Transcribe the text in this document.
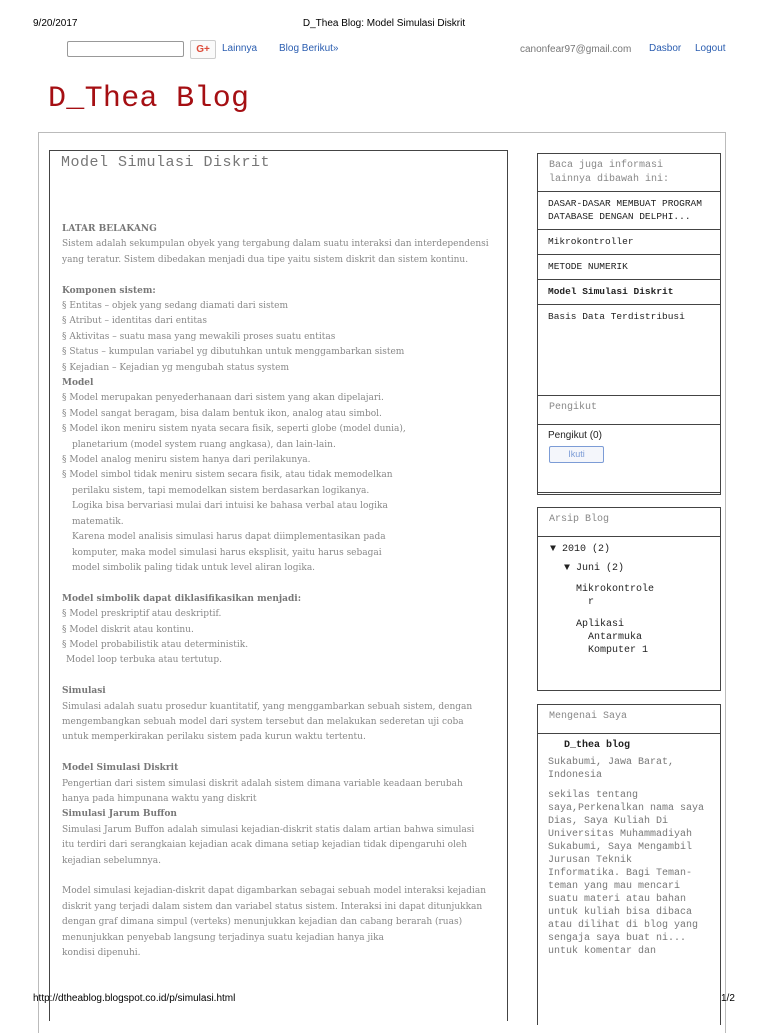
9/20/2017	D_Thea Blog: Model Simulasi Diskrit
G+	Lainnya Blog Berikut»	canonfear97@gmail.com Dasbor Logout
D_Thea Blog
Model Simulasi Diskrit

LATAR BELAKANG

Sistem adalah sekumpulan obyek yang tergabung dalam suatu interaksi dan interdependensi

yang teratur. Sistem dibedakan menjadi dua tipe yaitu sistem diskrit dan sistem kontinu.

Komponen sistem:

§ Entitas – objek yang sedang diamati dari sistem

§ Atribut – identitas dari entitas

§ Aktivitas – suatu masa yang mewakili proses suatu entitas

§ Status – kumpulan variabel yg dibutuhkan untuk menggambarkan sistem

§ Kejadian – Kejadian yg mengubah status system

Model

§ Model merupakan penyederhanaan dari sistem yang akan dipelajari.

§ Model sangat beragam, bisa dalam bentuk ikon, analog atau simbol.

§ Model ikon meniru sistem nyata secara fisik, seperti globe (model dunia),

planetarium (model system ruang angkasa), dan lain-lain.

§ Model analog meniru sistem hanya dari perilakunya.

§ Model simbol tidak meniru sistem secara fisik, atau tidak memodelkan

perilaku sistem, tapi memodelkan sistem berdasarkan logikanya.

Logika bisa bervariasi mulai dari intuisi ke bahasa verbal atau logika

matematik.

Karena model analisis simulasi harus dapat diimplementasikan pada

komputer, maka model simulasi harus eksplisit, yaitu harus sebagai

model simbolik paling tidak untuk level aliran logika.

Model simbolik dapat diklasifikasikan menjadi:

§ Model preskriptif atau deskriptif.

§ Model diskrit atau kontinu.

§ Model probabilistik atau deterministik.

Model loop terbuka atau tertutup.

Simulasi

Simulasi adalah suatu prosedur kuantitatif, yang menggambarkan sebuah sistem, dengan

mengembangkan sebuah model dari system tersebut dan melakukan sederetan uji coba

untuk memperkirakan perilaku sistem pada kurun waktu tertentu.

Model Simulasi Diskrit

Pengertian dari sistem simulasi diskrit adalah sistem dimana variable keadaan berubah

hanya pada himpunana waktu yang diskrit

Simulasi Jarum Buffon

Simulasi Jarum Buffon adalah simulasi kejadian-diskrit statis dalam artian bahwa simulasi

itu terdiri dari serangkaian kejadian acak dimana setiap kejadian tidak dipengaruhi oleh

kejadian sebelumnya.

Model simulasi kejadian-diskrit dapat digambarkan sebagai sebuah model interaksi kejadian

diskrit yang terjadi dalam sistem dan variabel status sistem. Interaksi ini dapat ditunjukkan

dengan graf dimana simpul (verteks) menunjukkan kejadian dan cabang berarah (ruas)

menunjukkan penyebab langsung terjadinya suatu kejadian hanya jika

kondisi dipenuhi.

Baca juga informasi
lainnya dibawah ini:
DASAR-DASAR MEMBUAT PROGRAM DATABASE DENGAN DELPHI...
Mikrokontroller
METODE NUMERIK
Model Simulasi Diskrit
Basis Data Terdistribusi
Pengikut
Pengikut (0)
Ikuti
Arsip Blog
▼ 2010 (2)
▼ Juni (2)
Mikrokontrole
r
Aplikasi
Antarmuka
Komputer 1
Mengenai Saya
D_thea blog
Sukabumi, Jawa Barat, Indonesia
sekilas tentang saya,Perkenalkan nama saya Dias, Saya Kuliah Di Universitas Muhammadiyah Sukabumi, Saya Mengambil Jurusan Teknik Informatika. Bagi Teman-teman yang mau mencari suatu materi atau bahan untuk kuliah bisa dibaca atau dilihat di blog yang sengaja saya buat ni... untuk komentar dan
http://dtheablog.blogspot.co.id/p/simulasi.html	1/2
